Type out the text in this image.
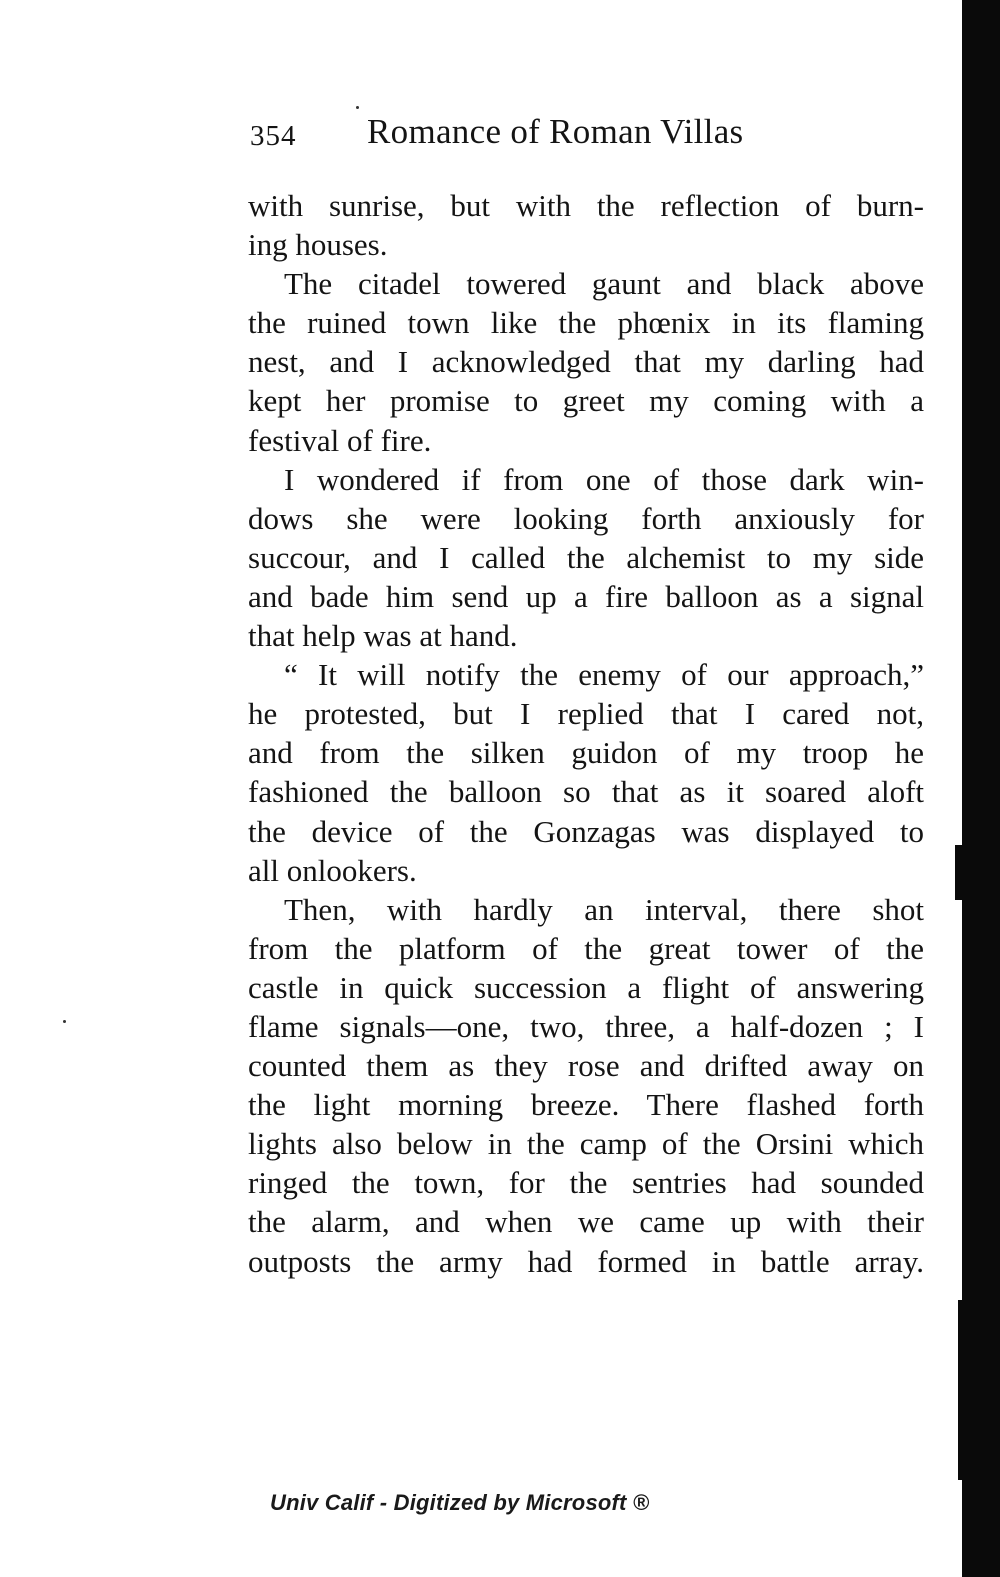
354 Romance of Roman Villas
with sunrise, but with the reflection of burn-
ing houses.
The citadel towered gaunt and black above
the ruined town like the phœnix in its flaming
nest, and I acknowledged that my darling had
kept her promise to greet my coming with a
festival of fire.
I wondered if from one of those dark win-
dows she were looking forth anxiously for
succour, and I called the alchemist to my side
and bade him send up a fire balloon as a signal
that help was at hand.
“ It will notify the enemy of our approach,”
he protested, but I replied that I cared not,
and from the silken guidon of my troop he
fashioned the balloon so that as it soared aloft
the device of the Gonzagas was displayed to
all onlookers.
Then, with hardly an interval, there shot
from the platform of the great tower of the
castle in quick succession a flight of answering
flame signals—one, two, three, a half-dozen ; I
counted them as they rose and drifted away on
the light morning breeze. There flashed forth
lights also below in the camp of the Orsini which
ringed the town, for the sentries had sounded
the alarm, and when we came up with their
outposts the army had formed in battle array.
Univ Calif - Digitized by Microsoft ®
